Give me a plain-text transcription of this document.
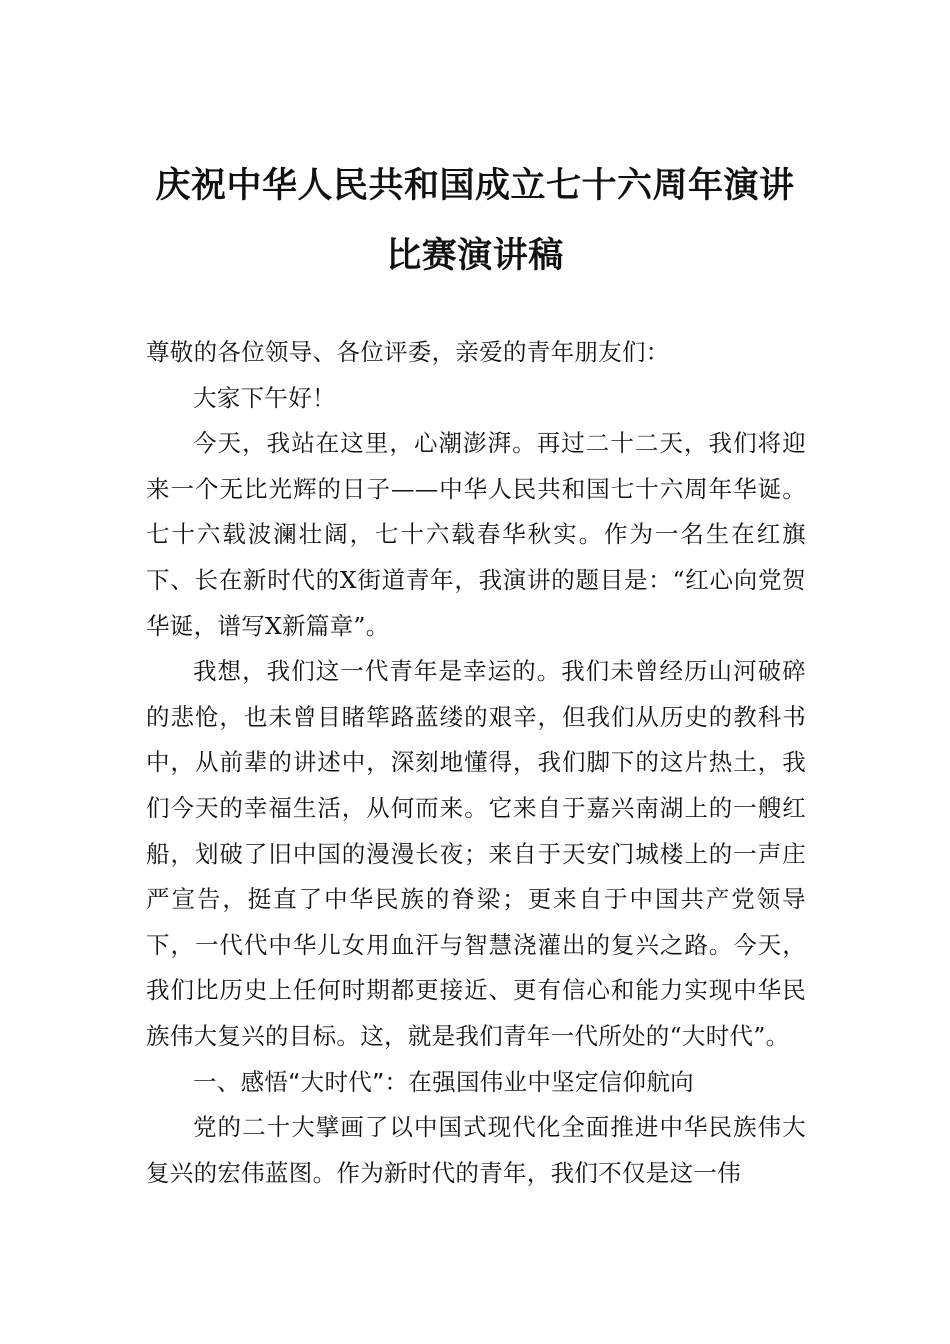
庆祝中华人民共和国成立七十六周年演讲
比赛演讲稿

尊敬的各位领导、各位评委，亲爱的青年朋友们：

大家下午好！

今天，我站在这里，心潮澎湃。再过二十二天，我们将迎来一个无比光辉的日子——中华人民共和国七十六周年华诞。七十六载波澜壮阔，七十六载春华秋实。作为一名生在红旗下、长在新时代的X街道青年，我演讲的题目是：“红心向党贺华诞，谱写X新篇章”。

我想，我们这一代青年是幸运的。我们未曾经历山河破碎的悲怆，也未曾目睹筚路蓝缕的艰辛，但我们从历史的教科书中，从前辈的讲述中，深刻地懂得，我们脚下的这片热土，我们今天的幸福生活，从何而来。它来自于嘉兴南湖上的一艘红船，划破了旧中国的漫漫长夜；来自于天安门城楼上的一声庄严宣告，挺直了中华民族的脊梁；更来自于中国共产党领导下，一代代中华儿女用血汗与智慧浇灌出的复兴之路。今天，我们比历史上任何时期都更接近、更有信心和能力实现中华民族伟大复兴的目标。这，就是我们青年一代所处的“大时代”。

一、感悟“大时代”：在强国伟业中坚定信仰航向

党的二十大擘画了以中国式现代化全面推进中华民族伟大复兴的宏伟蓝图。作为新时代的青年，我们不仅是这一伟
